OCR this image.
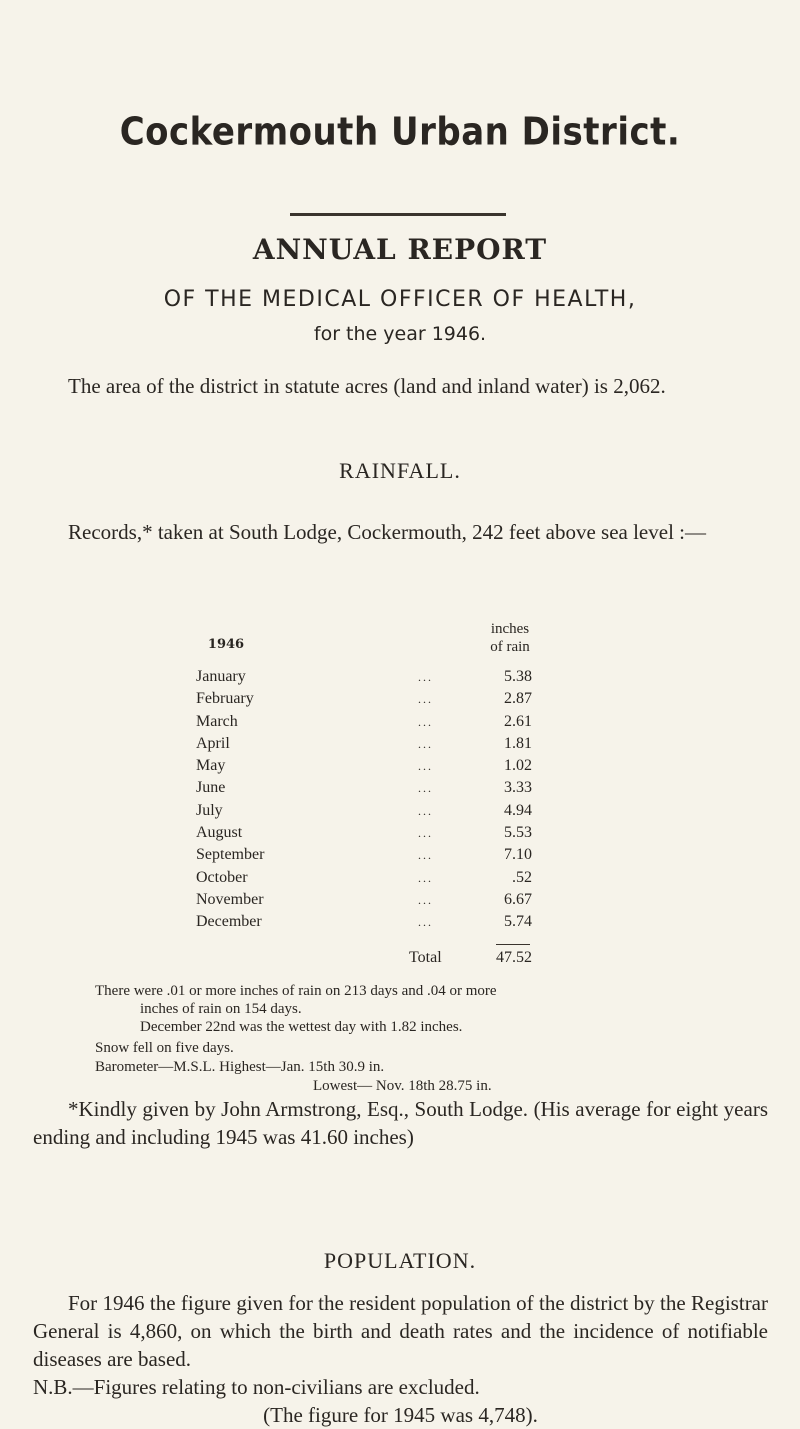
Cockermouth Urban District.
ANNUAL REPORT
OF THE MEDICAL OFFICER OF HEALTH,
for the year 1946.
The area of the district in statute acres (land and inland water) is 2,062.
RAINFALL.
Records,* taken at South Lodge, Cockermouth, 242 feet above sea level :—
1946
inches
of rain
January	...	5.38
February	...	2.87
March	...	2.61
April	...	1.81
May	...	1.02
June	...	3.33
July	...	4.94
August	...	5.53
September	...	7.10
October	...	.52
November	...	6.67
December	...	5.74
Total	47.52
There were .01 or more inches of rain on 213 days and .04 or more
inches of rain on 154 days.
December 22nd was the wettest day with 1.82 inches.
Snow fell on five days.
Barometer—M.S.L. Highest—Jan. 15th 30.9 in.
Lowest— Nov. 18th 28.75 in.
*Kindly given by John Armstrong, Esq., South Lodge. (His average for eight years ending and including 1945 was 41.60 inches)
POPULATION.
For 1946 the figure given for the resident population of the district by the Registrar General is 4,860, on which the birth and death rates and the incidence of notifiable diseases are based.
N.B.—Figures relating to non-civilians are excluded.
(The figure for 1945 was 4,748).
